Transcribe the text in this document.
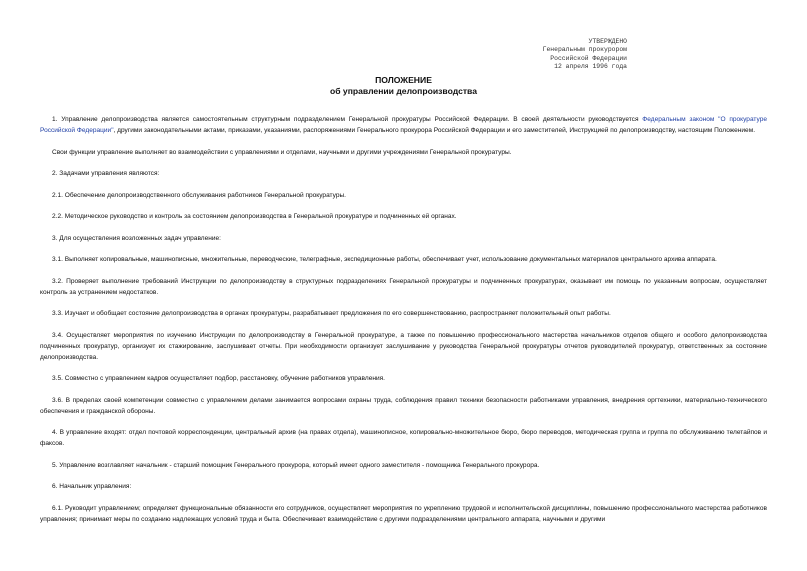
УТВЕРЖДЕНО
Генеральным прокурором
Российской Федерации
12 апреля 1996 года
ПОЛОЖЕНИЕ
об управлении делопроизводства

1. Управление делопроизводства является самостоятельным структурным подразделением Генеральной прокуратуры Российской Федерации. В своей деятельности руководствуется Федеральным законом "О прокуратуре Российской Федерации", другими законодательными актами, приказами, указаниями, распоряжениями Генерального прокурора Российской Федерации и его заместителей, Инструкцией по делопроизводству, настоящим Положением.

Свои функции управление выполняет во взаимодействии с управлениями и отделами, научными и другими учреждениями Генеральной прокуратуры.

2. Задачами управления являются:

2.1. Обеспечение делопроизводственного обслуживания работников Генеральной прокуратуры.

2.2. Методическое руководство и контроль за состоянием делопроизводства в Генеральной прокуратуре и подчиненных ей органах.

3. Для осуществления возложенных задач управление:

3.1. Выполняет копировальные, машинописные, множительные, переводческие, телеграфные, экспедиционные работы, обеспечивает учет, использование документальных материалов центрального архива аппарата.

3.2. Проверяет выполнение требований Инструкции по делопроизводству в структурных подразделениях Генеральной прокуратуры и подчиненных прокуратурах, оказывает им помощь по указанным вопросам, осуществляет контроль за устранением недостатков.

3.3. Изучает и обобщает состояние делопроизводства в органах прокуратуры, разрабатывает предложения по его совершенствованию, распространяет положительный опыт работы.

3.4. Осуществляет мероприятия по изучению Инструкции по делопроизводству в Генеральной прокуратуре, а также по повышению профессионального мастерства начальников отделов общего и особого делопроизводства подчиненных прокуратур, организует их стажирование, заслушивает отчеты. При необходимости организует заслушивание у руководства Генеральной прокуратуры отчетов руководителей прокуратур, ответственных за состояние делопроизводства.

3.5. Совместно с управлением кадров осуществляет подбор, расстановку, обучение работников управления.

3.6. В пределах своей компетенции совместно с управлением делами занимается вопросами охраны труда, соблюдения правил техники безопасности работниками управления, внедрения оргтехники, материально-технического обеспечения и гражданской обороны.

4. В управление входят: отдел почтовой корреспонденции, центральный архив (на правах отдела), машинописное, копировально-множительное бюро, бюро переводов, методическая группа и группа по обслуживанию телетайпов и факсов.

5. Управление возглавляет начальник - старший помощник Генерального прокурора, который имеет одного заместителя - помощника Генерального прокурора.

6. Начальник управления:

6.1. Руководит управлением; определяет функциональные обязанности его сотрудников, осуществляет мероприятия по укреплению трудовой и исполнительской дисциплины, повышению профессионального мастерства работников управления; принимает меры по созданию надлежащих условий труда и быта. Обеспечивает взаимодействие с другими подразделениями центрального аппарата, научными и другими
